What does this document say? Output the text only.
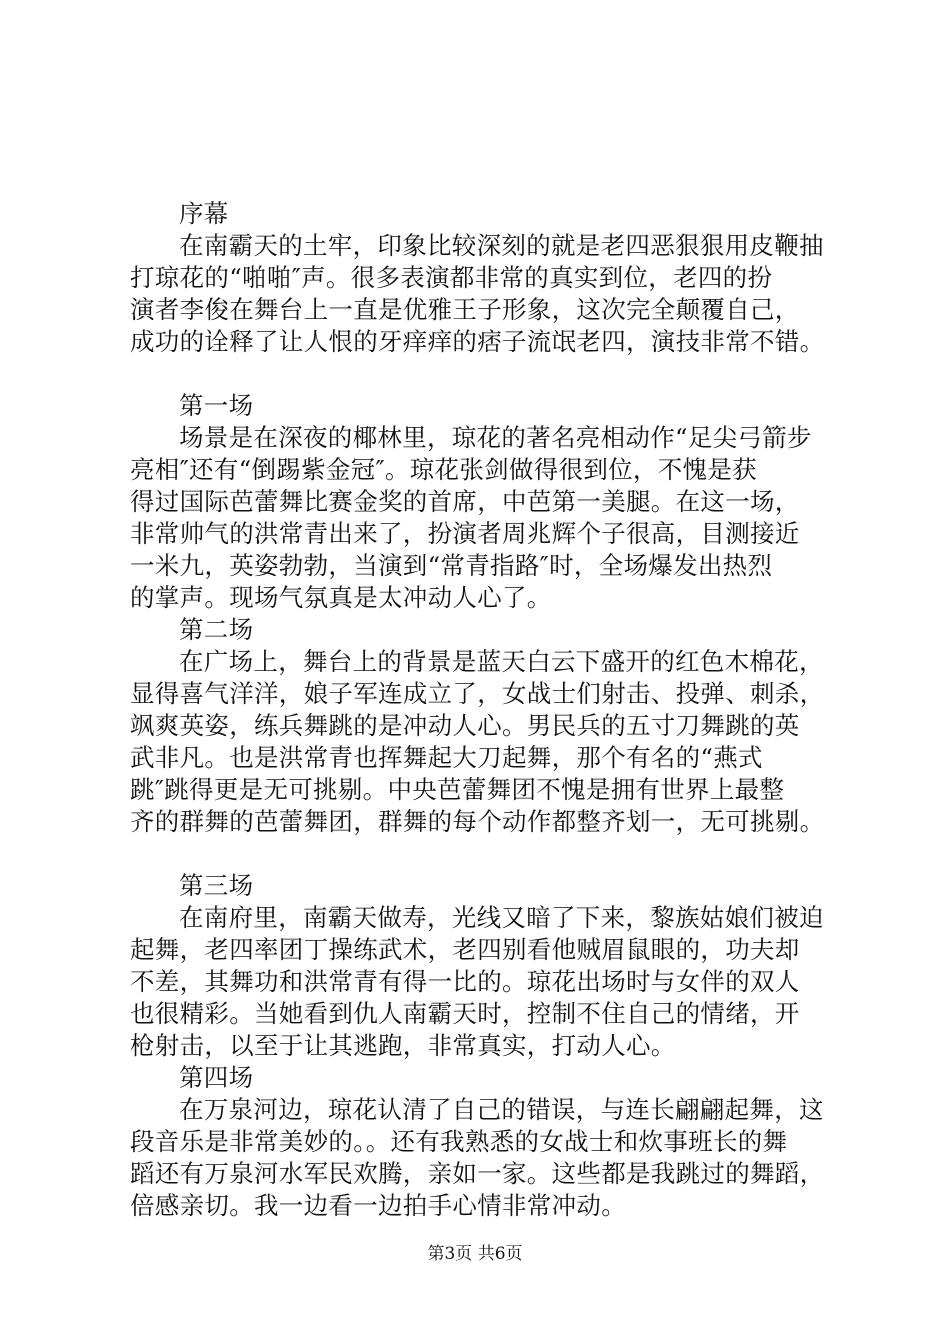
序幕
在南霸天的土牢，印象比较深刻的就是老四恶狠狠用皮鞭抽
打琼花的“啪啪″声。很多表演都非常的真实到位，老四的扮
演者李俊在舞台上一直是优雅王子形象，这次完全颠覆自己，
成功的诠释了让人恨的牙痒痒的痞子流氓老四，演技非常不错。
第一场
场景是在深夜的椰林里，琼花的著名亮相动作“足尖弓箭步
亮相″还有“倒踢紫金冠″。琼花张剑做得很到位，不愧是获
得过国际芭蕾舞比赛金奖的首席，中芭第一美腿。在这一场，
非常帅气的洪常青出来了，扮演者周兆辉个子很高，目测接近
一米九，英姿勃勃，当演到“常青指路″时，全场爆发出热烈
的掌声。现场气氛真是太冲动人心了。
第二场
在广场上，舞台上的背景是蓝天白云下盛开的红色木棉花，
显得喜气洋洋，娘子军连成立了，女战士们射击、投弹、刺杀，
飒爽英姿，练兵舞跳的是冲动人心。男民兵的五寸刀舞跳的英
武非凡。也是洪常青也挥舞起大刀起舞，那个有名的“燕式
跳″跳得更是无可挑剔。中央芭蕾舞团不愧是拥有世界上最整
齐的群舞的芭蕾舞团，群舞的每个动作都整齐划一，无可挑剔。
第三场
在南府里，南霸天做寿，光线又暗了下来，黎族姑娘们被迫
起舞，老四率团丁操练武术，老四别看他贼眉鼠眼的，功夫却
不差，其舞功和洪常青有得一比的。琼花出场时与女伴的双人
也很精彩。当她看到仇人南霸天时，控制不住自己的情绪，开
枪射击，以至于让其逃跑，非常真实，打动人心。
第四场
在万泉河边，琼花认清了自己的错误，与连长翩翩起舞，这
段音乐是非常美妙的。。还有我熟悉的女战士和炊事班长的舞
蹈还有万泉河水军民欢腾，亲如一家。这些都是我跳过的舞蹈，
倍感亲切。我一边看一边拍手心情非常冲动。
第3页 共6页
